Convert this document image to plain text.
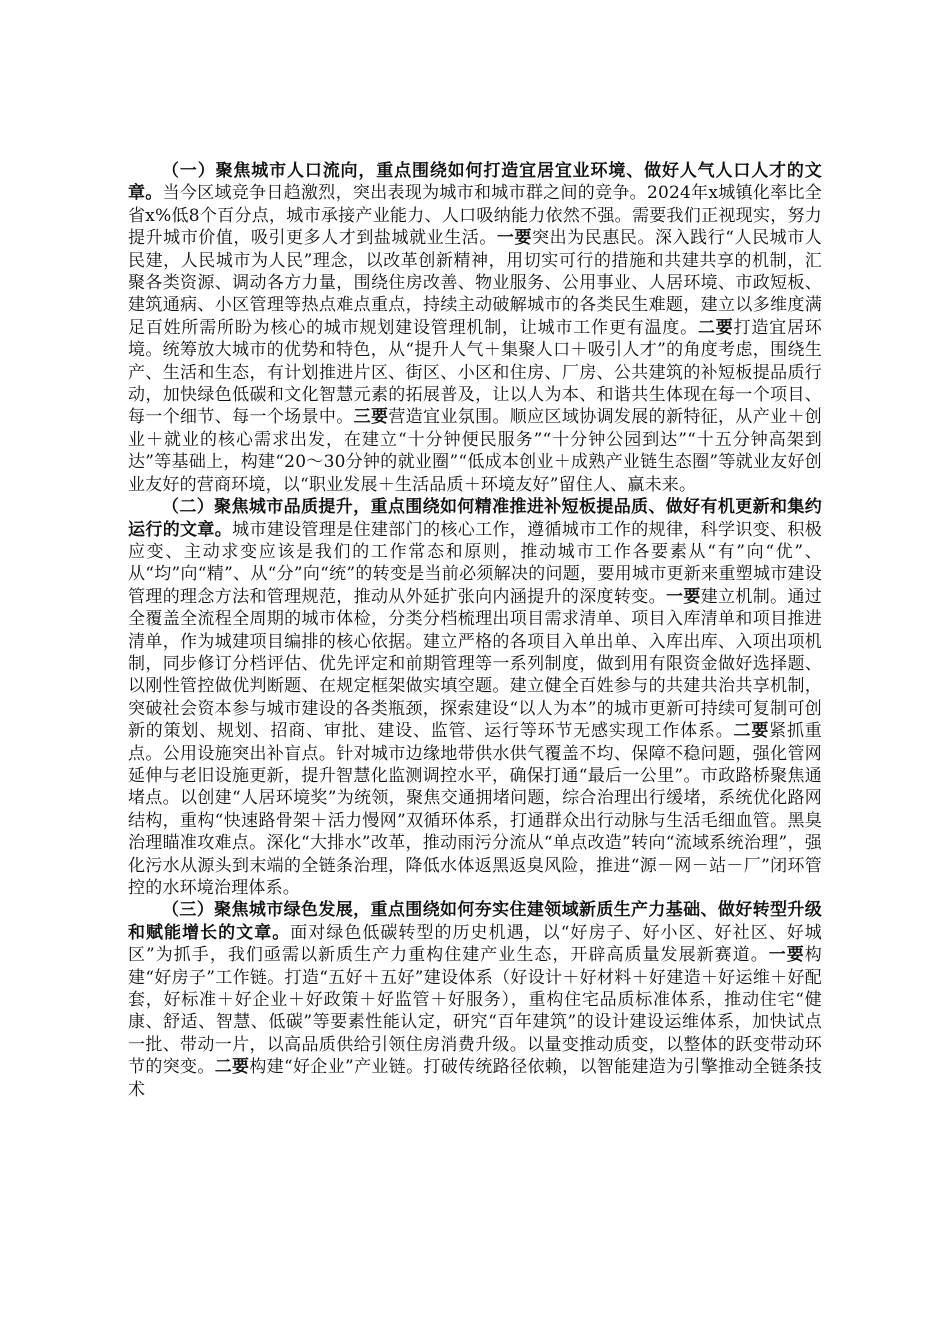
（一）聚焦城市人口流向，重点围绕如何打造宜居宜业环境、做好人气人口人才的文章。当今区域竞争日趋激烈，突出表现为城市和城市群之间的竞争。2024年x城镇化率比全省x%低8个百分点，城市承接产业能力、人口吸纳能力依然不强。需要我们正视现实，努力提升城市价值，吸引更多人才到盐城就业生活。一要突出为民惠民。深入践行“人民城市人民建，人民城市为人民”理念，以改革创新精神，用切实可行的措施和共建共享的机制，汇聚各类资源、调动各方力量，围绕住房改善、物业服务、公用事业、人居环境、市政短板、建筑通病、小区管理等热点难点重点，持续主动破解城市的各类民生难题，建立以多维度满足百姓所需所盼为核心的城市规划建设管理机制，让城市工作更有温度。二要打造宜居环境。统筹放大城市的优势和特色，从“提升人气＋集聚人口＋吸引人才”的角度考虑，围绕生产、生活和生态，有计划推进片区、街区、小区和住房、厂房、公共建筑的补短板提品质行动，加快绿色低碳和文化智慧元素的拓展普及，让以人为本、和谐共生体现在每一个项目、每一个细节、每一个场景中。三要营造宜业氛围。顺应区域协调发展的新特征，从产业＋创业＋就业的核心需求出发，在建立“十分钟便民服务”“十分钟公园到达”“十五分钟高架到达”等基础上，构建“20～30分钟的就业圈”“低成本创业＋成熟产业链生态圈”等就业友好创业友好的营商环境，以“职业发展＋生活品质＋环境友好”留住人、赢未来。

（二）聚焦城市品质提升，重点围绕如何精准推进补短板提品质、做好有机更新和集约运行的文章。城市建设管理是住建部门的核心工作，遵循城市工作的规律，科学识变、积极应变、主动求变应该是我们的工作常态和原则，推动城市工作各要素从“有”向“优”、从“均”向“精”、从“分”向“统”的转变是当前必须解决的问题，要用城市更新来重塑城市建设管理的理念方法和管理规范，推动从外延扩张向内涵提升的深度转变。一要建立机制。通过全覆盖全流程全周期的城市体检，分类分档梳理出项目需求清单、项目入库清单和项目推进清单，作为城建项目编排的核心依据。建立严格的各项目入单出单、入库出库、入项出项机制，同步修订分档评估、优先评定和前期管理等一系列制度，做到用有限资金做好选择题、以刚性管控做优判断题、在规定框架做实填空题。建立健全百姓参与的共建共治共享机制，突破社会资本参与城市建设的各类瓶颈，探索建设“以人为本”的城市更新可持续可复制可创新的策划、规划、招商、审批、建设、监管、运行等环节无感实现工作体系。二要紧抓重点。公用设施突出补盲点。针对城市边缘地带供水供气覆盖不均、保障不稳问题，强化管网延伸与老旧设施更新，提升智慧化监测调控水平，确保打通“最后一公里”。市政路桥聚焦通堵点。以创建“人居环境奖”为统领，聚焦交通拥堵问题，综合治理出行缓堵，系统优化路网结构，重构“快速路骨架＋活力慢网”双循环体系，打通群众出行动脉与生活毛细血管。黑臭治理瞄准攻难点。深化“大排水”改革，推动雨污分流从“单点改造”转向“流域系统治理”，强化污水从源头到末端的全链条治理，降低水体返黑返臭风险，推进“源－网－站－厂”闭环管控的水环境治理体系。

（三）聚焦城市绿色发展，重点围绕如何夯实住建领域新质生产力基础、做好转型升级和赋能增长的文章。面对绿色低碳转型的历史机遇，以“好房子、好小区、好社区、好城区”为抓手，我们亟需以新质生产力重构住建产业生态，开辟高质量发展新赛道。一要构建“好房子”工作链。打造“五好＋五好”建设体系（好设计＋好材料＋好建造＋好运维＋好配套，好标准＋好企业＋好政策＋好监管＋好服务），重构住宅品质标准体系，推动住宅“健康、舒适、智慧、低碳”等要素性能认定，研究“百年建筑”的设计建设运维体系，加快试点一批、带动一片，以高品质供给引领住房消费升级。以量变推动质变，以整体的跃变带动环节的突变。二要构建“好企业”产业链。打破传统路径依赖，以智能建造为引擎推动全链条技术
